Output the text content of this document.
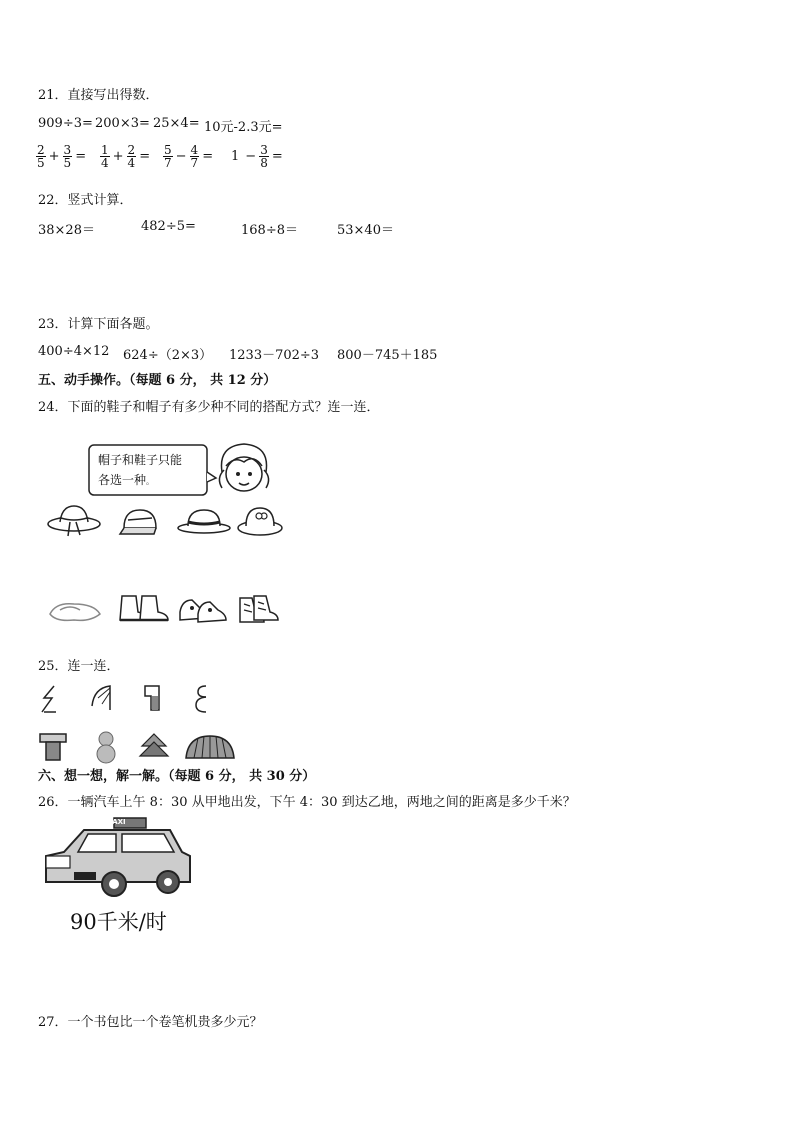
21．直接写出得数．
909÷3= 200×3= 25×4= 10元-2.3元=
$\frac{2}{5} + \frac{3}{5} = \frac{1}{4} + \frac{2}{4} = \frac{5}{7} - \frac{4}{7} = 1 - \frac{3}{8}$ =
22．竖式计算．
38×28＝	482÷5=	168÷8＝	53×40＝
23．计算下面各题。
400÷4×12 624÷（2×3） 1233－702÷3 800－745＋185
五、动手操作。（每题 6 分， 共 12 分）
24．下面的鞋子和帽子有多少种不同的搭配方式？连一连．
帽子和鞋子只能
各选一种。
25．连一连．
六、想一想，解一解。（每题 6 分， 共 30 分）
26．一辆汽车上午 8：30 从甲地出发，下午 4：30 到达乙地，两地之间的距离是多少千米？
TAXI
90千米/时
27．一个书包比一个卷笔机贵多少元？
